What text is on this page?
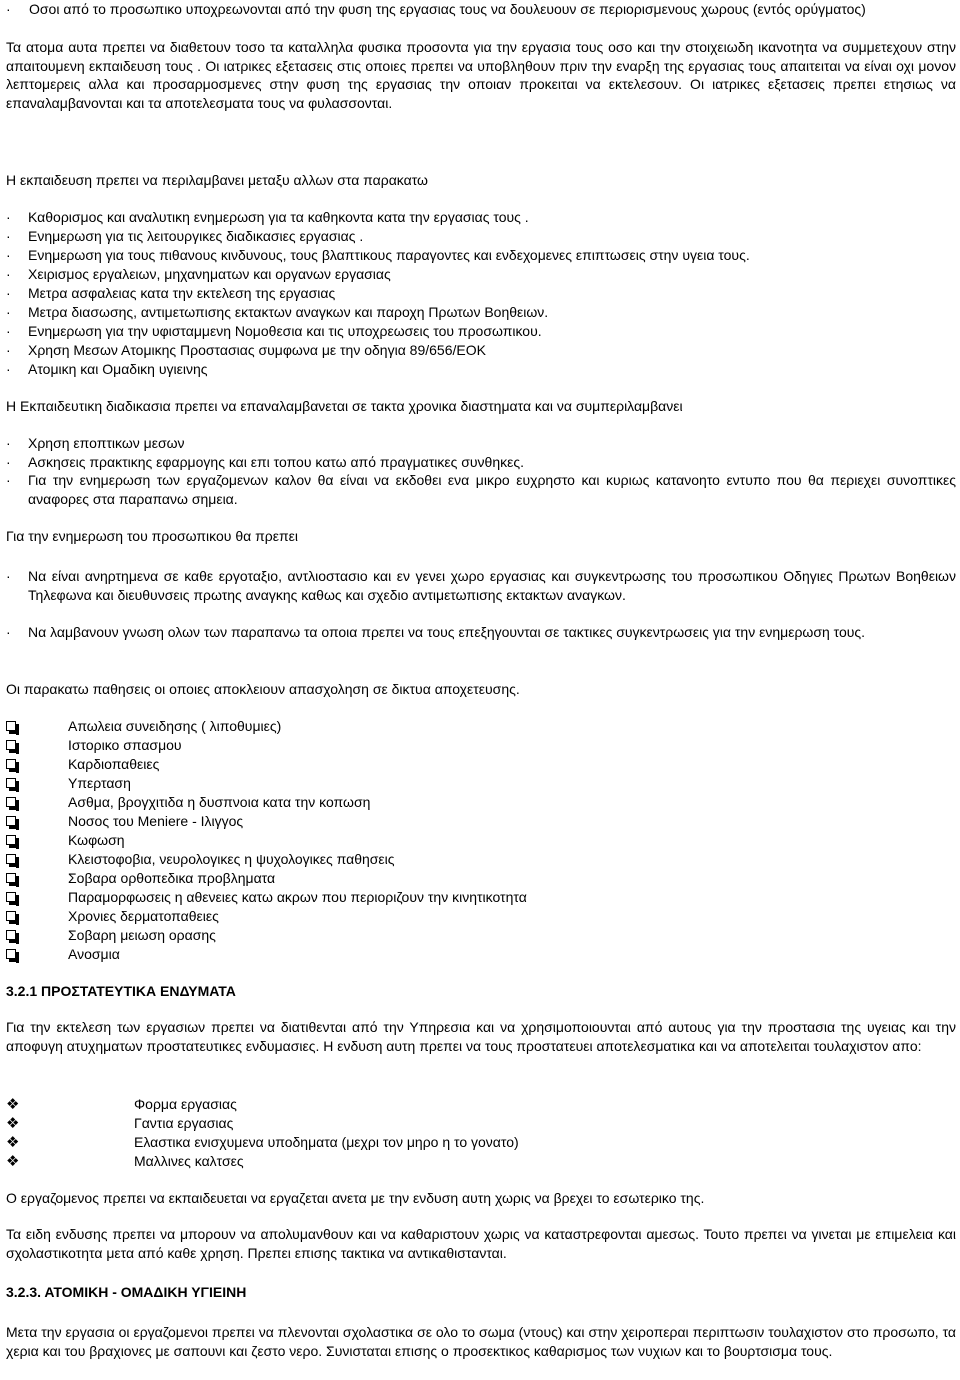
· Οσοι από το προσωπικο υποχρεωνονται από την φυση της εργασιας τους να δουλευουν σε περιορισμενους χωρους (εντός ορύγματος)
Τα ατομα αυτα πρεπει να διαθετουν τοσο τα καταλληλα φυσικα προσοντα για την εργασια τους οσο και την στοιχειωδη ικανοτητα να συμμετεχουν στην απαιτουμενη εκπαιδευση τους . Οι ιατρικες εξετασεις στις οποιες πρεπει να υποβληθουν πριν την εναρξη της εργασιας τους απαιτειται να είναι οχι μονον λεπτομερεις αλλα και προσαρμοσμενες στην φυση της εργασιας την οποιαν προκειται να εκτελεσουν. Οι ιατρικες εξετασεις πρεπει ετησιως να επαναλαμβανονται και τα αποτελεσματα τους να φυλασσονται.
Η εκπαιδευση πρεπει να περιλαμβανει μεταξυ αλλων στα παρακατω
· Καθορισμος και αναλυτικη ενημερωση για τα καθηκοντα κατα την εργασιας τους .
· Ενημερωση για τις λειτουργικες διαδικασιες εργασιας .
· Ενημερωση για τους πιθανους κινδυνους, τους βλαπτικους παραγοντες και ενδεχομενες επιπτωσεις στην υγεια τους.
· Χειρισμος εργαλειων, μηχανηματων και οργανων εργασιας
· Μετρα ασφαλειας κατα την εκτελεση της εργασιας
· Μετρα διασωσης, αντιμετωπισης εκτακτων αναγκων και παροχη Πρωτων Βοηθειων.
· Ενημερωση για την υφισταμμενη Νομοθεσια και τις υποχρεωσεις του προσωπικου.
· Χρηση Μεσων Ατομικης Προστασιας συμφωνα με την οδηγια 89/656/ΕΟΚ
· Ατομικη και Ομαδικη υγιεινης
Η Εκπαιδευτικη διαδικασια πρεπει να επαναλαμβανεται σε τακτα χρονικα διαστηματα και να συμπεριλαμβανει
· Χρηση εποπτικων μεσων
· Ασκησεις πρακτικης εφαρμογης και επι τοπου κατω από πραγματικες συνθηκες.
· Για την ενημερωση των εργαζομενων καλον θα είναι να εκδοθει ενα μικρο ευχρηστο και κυριως κατανοητο εντυπο που θα περιεχει συνοπτικες αναφορες στα παραπανω σημεια.
Για την ενημερωση του προσωπικου θα πρεπει
· Να είναι ανηρτημενα σε καθε εργοταξιο, αντλιοστασιο και εν γενει χωρο εργασιας και συγκεντρωσης του προσωπικου Οδηγιες Πρωτων Βοηθειων Τηλεφωνα και διευθυνσεις πρωτης αναγκης καθως και σχεδιο αντιμετωπισης εκτακτων αναγκων.
· Να λαμβανουν γνωση ολων των παραπανω τα οποια πρεπει να τους επεξηγουνται σε τακτικες συγκεντρωσεις για την ενημερωση τους.
Οι παρακατω παθησεις οι οποιες αποκλειουν απασχοληση σε δικτυα αποχετευσης.
Απωλεια συνειδησης ( λιποθυμιες)
Ιστορικο σπασμου
Καρδιοπαθειες
Υπερταση
Ασθμα, βρογχιτιδα η δυσπνοια κατα την κοπωση
Νοσος του Meniere - Ιλιγγος
Κωφωση
Κλειστοφοβια, νευρολογικες η ψυχολογικες παθησεις
Σοβαρα ορθοπεδικα προβληματα
Παραμορφωσεις η αθενειες κατω ακρων που περιοριζουν την κινητικοτητα
Χρονιες δερματοπαθειες
Σοβαρη μειωση ορασης
Ανοσμια
3.2.1 ΠΡΟΣΤΑΤΕΥΤΙΚΑ ΕΝΔΥΜΑΤΑ
Για την εκτελεση των εργασιων πρεπει να διατιθενται από την Υπηρεσια και να χρησιμοποιουνται από αυτους για την προστασια της υγειας και την αποφυγη ατυχηματων προστατευτικες ενδυμασιες. Η ενδυση αυτη πρεπει να τους προστατευει αποτελεσματικα και να αποτελειται τουλαχιστον απο:
❖	Φορμα εργασιας
❖	Γαντια εργασιας
❖	Ελαστικα ενισχυμενα υποδηματα (μεχρι τον μηρο η το γονατο)
❖	Μαλλινες καλτσες
Ο εργαζομενος πρεπει να εκπαιδευεται να εργαζεται ανετα με την ενδυση αυτη χωρις να βρεχει το εσωτερικο της.
Τα ειδη ενδυσης πρεπει να μπορουν να απολυμανθουν και να καθαριστουν χωρις να καταστρεφονται αμεσως. Τουτο πρεπει να γινεται με επιμελεια και σχολαστικοτητα μετα από καθε χρηση. Πρεπει επισης τακτικα να αντικαθιστανται.
3.2.3. ΑΤΟΜΙΚΗ - ΟΜΑΔΙΚΗ ΥΓΙΕΙΝΗ
Μετα την εργασια οι εργαζομενοι πρεπει να πλενονται σχολαστικα σε ολο το σωμα (ντους) και στην χειροπεραι περιπτωσιν τουλαχιστον στο προσωπο, τα χερια και του βραχιονες με σαπουνι και ζεστο νερο. Συνισταται επισης ο προσεκτικος καθαρισμος των νυχιων και το βουρτσισμα τους.
